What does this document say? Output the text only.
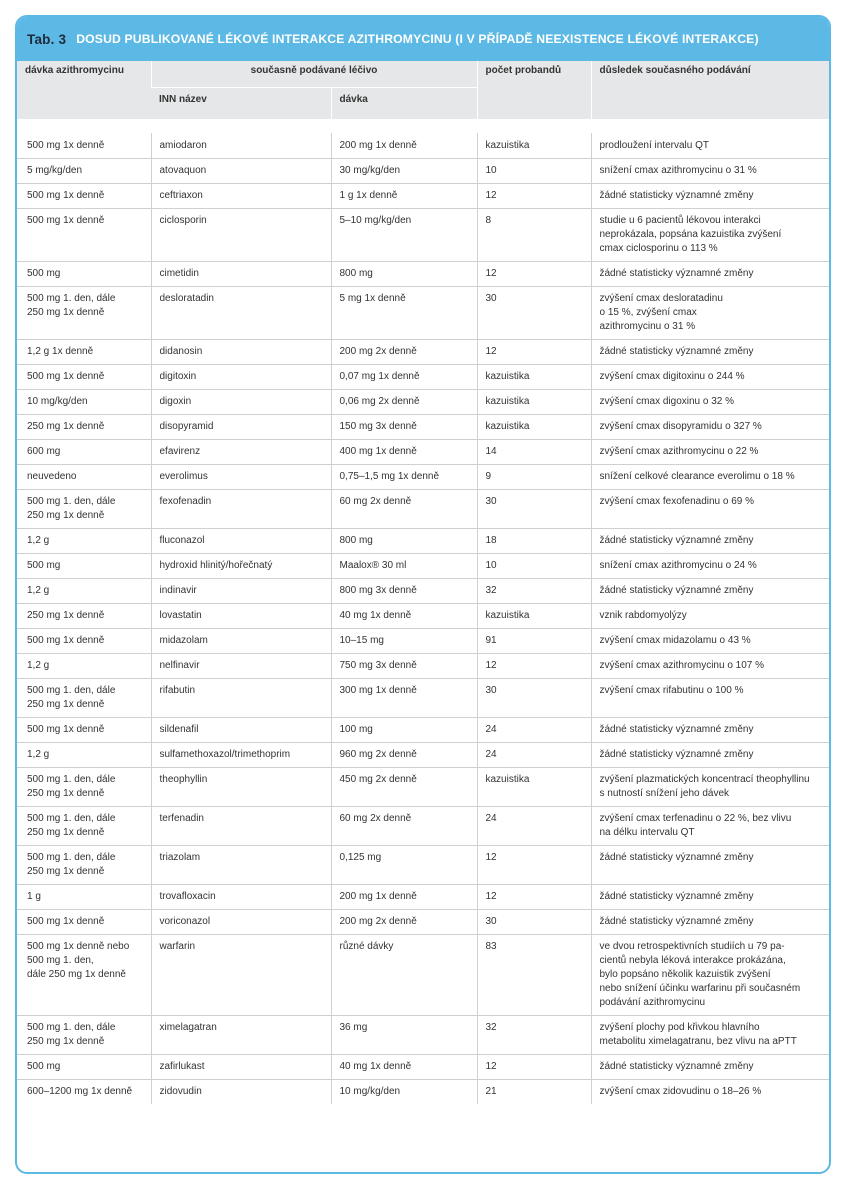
Tab. 3 DOSUD PUBLIKOVANÉ LÉKOVÉ INTERAKCE AZITHROMYCINU (I V PŘÍPADĚ NEEXISTENCE LÉKOVÉ INTERAKCE)
dávka azithromycinu	současně podávané léčivo		počet probandů	důsledek současného podávání
	INN název	dávka		

500 mg 1x denně	amiodaron	200 mg 1x denně	kazuistika	prodloužení intervalu QT
5 mg/kg/den	atovaquon	30 mg/kg/den	10	snížení cmax azithromycinu o 31 %
500 mg 1x denně	ceftriaxon	1 g 1x denně	12	žádné statisticky významné změny
500 mg 1x denně	ciclosporin	5–10 mg/kg/den	8	studie u 6 pacientů lékovou interakci
neprokázala, popsána kazuistika zvýšení
cmax ciclosporinu o 113 %
500 mg	cimetidin	800 mg	12	žádné statisticky významné změny
500 mg 1. den, dále
250 mg 1x denně	desloratadin	5 mg 1x denně	30	zvýšení cmax desloratadinu
o 15 %, zvýšení cmax
azithromycinu o 31 %
1,2 g 1x denně	didanosin	200 mg 2x denně	12	žádné statisticky významné změny
500 mg 1x denně	digitoxin	0,07 mg 1x denně	kazuistika	zvýšení cmax digitoxinu o 244 %
10 mg/kg/den	digoxin	0,06 mg 2x denně	kazuistika	zvýšení cmax digoxinu o 32 %
250 mg 1x denně	disopyramid	150 mg 3x denně	kazuistika	zvýšení cmax disopyramidu o 327 %
600 mg	efavirenz	400 mg 1x denně	14	zvýšení cmax azithromycinu o 22 %
neuvedeno	everolimus	0,75–1,5 mg 1x denně	9	snížení celkové clearance everolimu o 18 %
500 mg 1. den, dále
250 mg 1x denně	fexofenadin	60 mg 2x denně	30	zvýšení cmax fexofenadinu o 69 %
1,2 g	fluconazol	800 mg	18	žádné statisticky významné změny
500 mg	hydroxid hlinitý/hořečnatý	Maalox® 30 ml	10	snížení cmax azithromycinu o 24 %
1,2 g	indinavir	800 mg 3x denně	32	žádné statisticky významné změny
250 mg 1x denně	lovastatin	40 mg 1x denně	kazuistika	vznik rabdomyolýzy
500 mg 1x denně	midazolam	10–15 mg	91	zvýšení cmax midazolamu o 43 %
1,2 g	nelfinavir	750 mg 3x denně	12	zvýšení cmax azithromycinu o 107 %
500 mg 1. den, dále
250 mg 1x denně	rifabutin	300 mg 1x denně	30	zvýšení cmax rifabutinu o 100 %
500 mg 1x denně	sildenafil	100 mg	24	žádné statisticky významné změny
1,2 g	sulfamethoxazol/trimethoprim	960 mg 2x denně	24	žádné statisticky významné změny
500 mg 1. den, dále
250 mg 1x denně	theophyllin	450 mg 2x denně	kazuistika	zvýšení plazmatických koncentrací theophyllinu
s nutností snížení jeho dávek
500 mg 1. den, dále
250 mg 1x denně	terfenadin	60 mg 2x denně	24	zvýšení cmax terfenadinu o 22 %, bez vlivu
na délku intervalu QT
500 mg 1. den, dále
250 mg 1x denně	triazolam	0,125 mg	12	žádné statisticky významné změny
1 g	trovafloxacin	200 mg 1x denně	12	žádné statisticky významné změny
500 mg 1x denně	voriconazol	200 mg 2x denně	30	žádné statisticky významné změny
500 mg 1x denně nebo
500 mg 1. den,
dále 250 mg 1x denně	warfarin	různé dávky	83	ve dvou retrospektivních studiích u 79 pa-
cientů nebyla léková interakce prokázána,
bylo popsáno několik kazuistik zvýšení
nebo snížení účinku warfarinu při současném
podávání azithromycinu
500 mg 1. den, dále
250 mg 1x denně	ximelagatran	36 mg	32	zvýšení plochy pod křivkou hlavního
metabolitu ximelagatranu, bez vlivu na aPTT
500 mg	zafirlukast	40 mg 1x denně	12	žádné statisticky významné změny
600–1200 mg 1x denně	zidovudin	10 mg/kg/den	21	zvýšení cmax zidovudinu o 18–26 %
